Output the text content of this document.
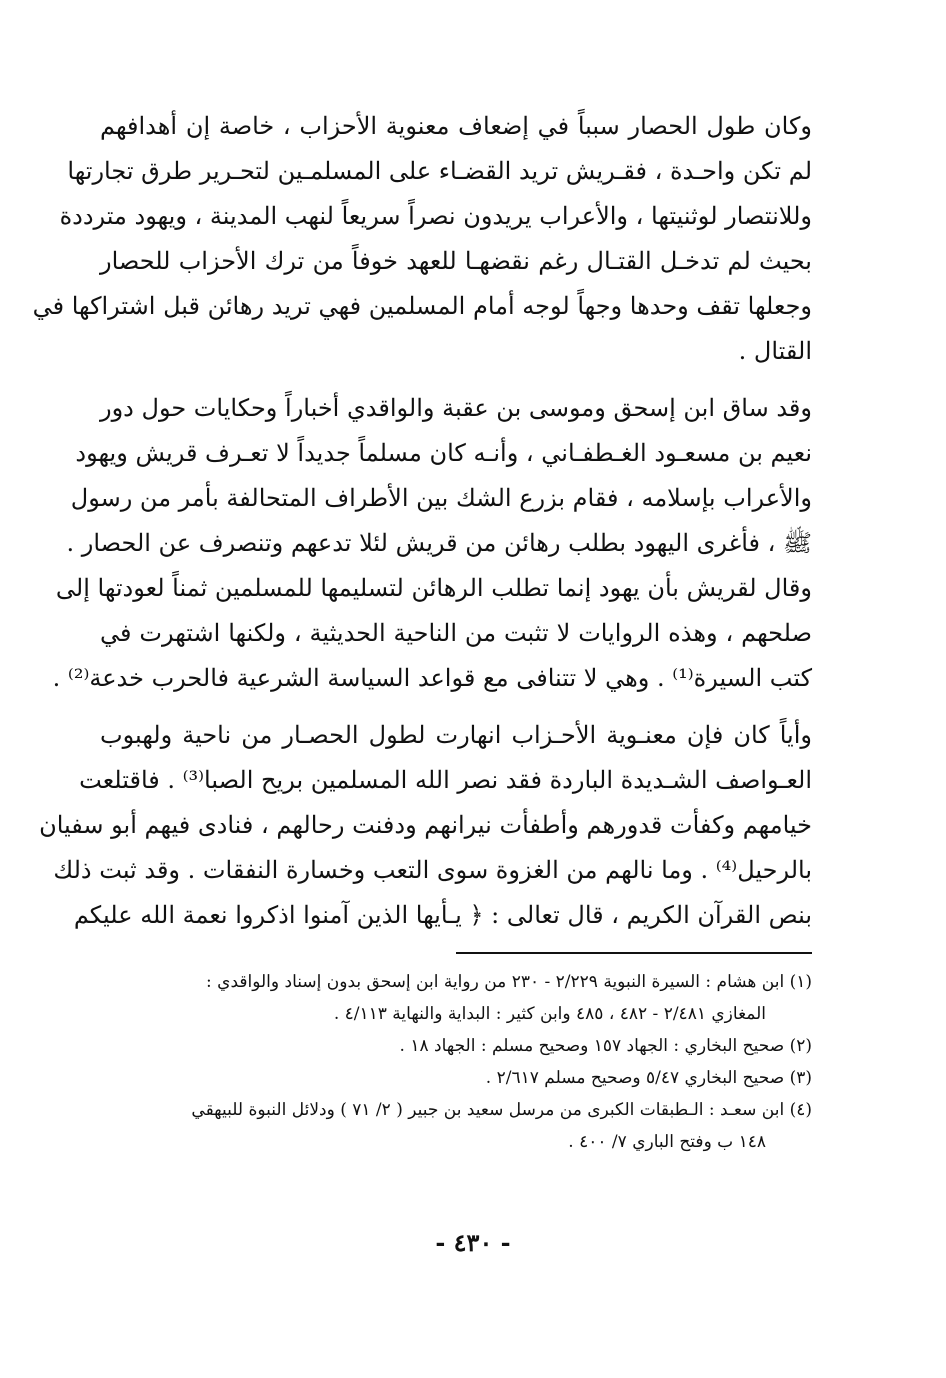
وكان طول الحصار سبباً في إضعاف معنوية الأحزاب ، خاصة إن أهدافهم
لم تكن واحـدة ، فقـريش تريد القضـاء على المسلمـين لتحـرير طرق تجارتها
وللانتصار لوثنيتها ، والأعراب يريدون نصراً سريعاً لنهب المدينة ، ويهود مترددة
بحيث لم تدخـل القتـال رغم نقضهـا للعهد خوفاً من ترك الأحزاب للحصار
وجعلها تقف وحدها وجهاً لوجه أمام المسلمين فهي تريد رهائن قبل اشتراكها في
القتال .
وقد ساق ابن إسحق وموسى بن عقبة والواقدي أخباراً وحكايات حول دور
نعيم بن مسعـود الغـطفـاني ، وأنـه كان مسلماً جديداً لا تعـرف قريش ويهود
والأعراب بإسلامه ، فقام بزرع الشك بين الأطراف المتحالفة بأمر من رسول
ﷺ ، فأغرى اليهود بطلب رهائن من قريش لئلا تدعهم وتنصرف عن الحصار .
وقال لقريش بأن يهود إنما تطلب الرهائن لتسليمها للمسلمين ثمناً لعودتها إلى
صلحهم ، وهذه الروايات لا تثبت من الناحية الحديثية ، ولكنها اشتهرت في
كتب السيرة⁽¹⁾ . وهي لا تتنافى مع قواعد السياسة الشرعية فالحرب خدعة⁽²⁾ .
وأياً كان فإن معنـوية الأحـزاب انهارت لطول الحصـار من ناحية ولهبوب
العـواصف الشـديدة الباردة فقد نصر الله المسلمين بريح الصبا⁽³⁾ . فاقتلعت
خيامهم وكفأت قدورهم وأطفأت نيرانهم ودفنت رحالهم ، فنادى فيهم أبو سفيان
بالرحيل⁽⁴⁾ . وما نالهم من الغزوة سوى التعب وخسارة النفقات . وقد ثبت ذلك
بنص القرآن الكريم ، قال تعالى : ﴿ يـأيها الذين آمنوا اذكروا نعمة الله عليكم
(١) ابن هشام : السيرة النبوية ٢/٢٢٩ - ٢٣٠ من رواية ابن إسحق بدون إسناد والواقدي :
المغازي ٢/٤٨١ - ٤٨٢ ، ٤٨٥ وابن كثير : البداية والنهاية ٤/١١٣ .
(٢) صحيح البخاري : الجهاد ١٥٧ وصحيح مسلم : الجهاد ١٨ .
(٣) صحيح البخاري ٥/٤٧ وصحيح مسلم ٢/٦١٧ .
(٤) ابن سعـد : الـطبقات الكبرى من مرسل سعيد بن جبير ( ٢/ ٧١ ) ودلائل النبوة للبيهقي
١٤٨ ب وفتح الباري ٧/ ٤٠٠ .
- ٤٣٠ -
